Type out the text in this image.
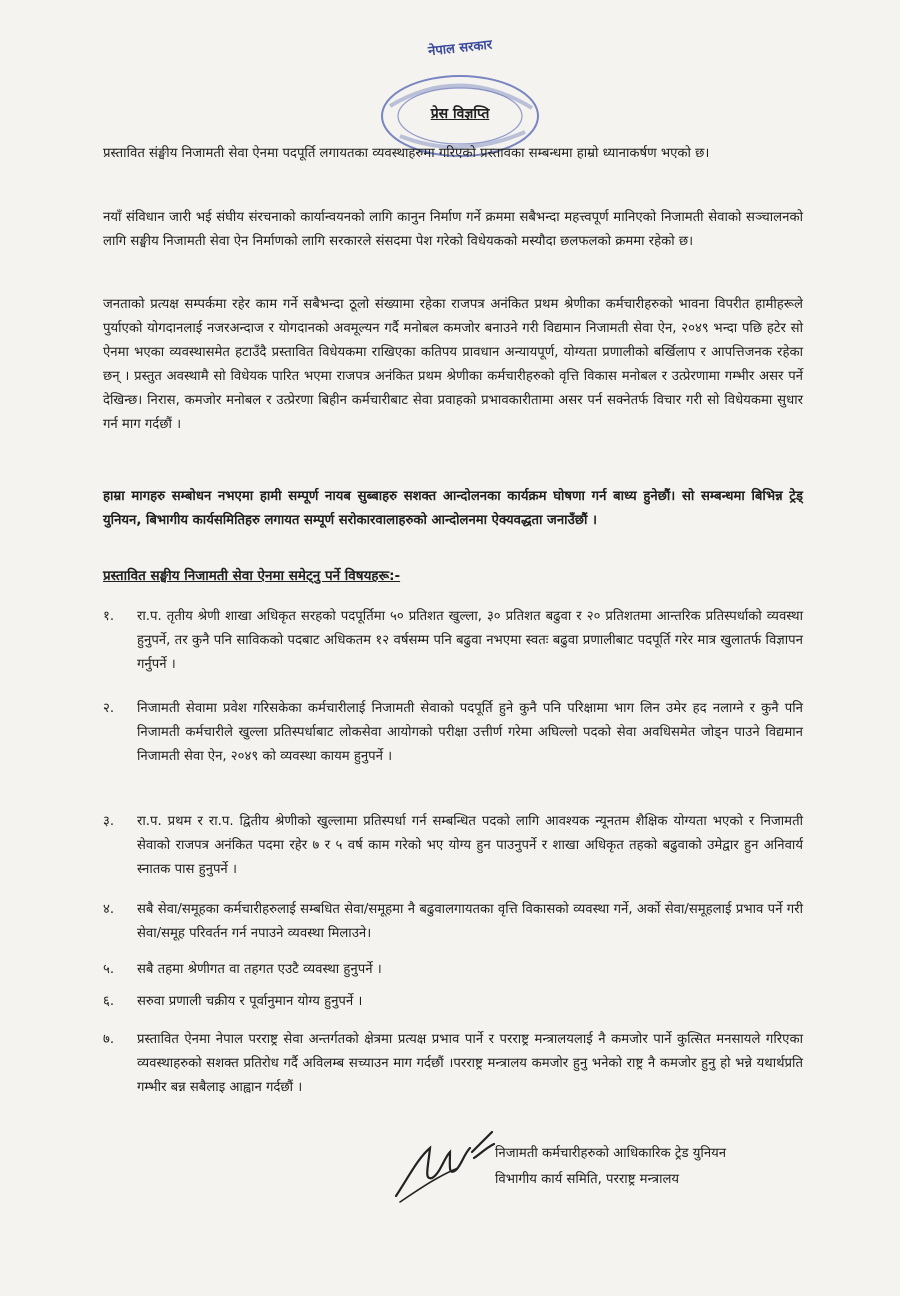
नेपाल सरकार
प्रेस विज्ञप्ति

प्रस्तावित संङ्घीय निजामती सेवा ऐनमा पदपूर्ति लगायतका व्यवस्थाहरुमा गरिएको प्रस्तावका सम्बन्धमा हाम्रो ध्यानाकर्षण भएको छ।

नयाँ संविधान जारी भई संघीय संरचनाको कार्यान्वयनको लागि कानुन निर्माण गर्ने क्रममा सबैभन्दा महत्त्वपूर्ण मानिएको निजामती सेवाको सञ्चालनको लागि सङ्घीय निजामती सेवा ऐन निर्माणको लागि सरकारले संसदमा पेश गरेको विधेयकको मस्यौदा छलफलको क्रममा रहेको छ।

जनताको प्रत्यक्ष सम्पर्कमा रहेर काम गर्ने सबैभन्दा ठूलो संख्यामा रहेका राजपत्र अनंकित प्रथम श्रेणीका कर्मचारीहरुको भावना विपरीत हामीहरूले पुर्याएको योगदानलाई नजरअन्दाज र योगदानको अवमूल्यन गर्दै मनोबल कमजोर बनाउने गरी विद्यमान निजामती सेवा ऐन, २०४९ भन्दा पछि हटेर सो ऐनमा भएका व्यवस्थासमेत हटाउँदै प्रस्तावित विधेयकमा राखिएका कतिपय प्रावधान अन्यायपूर्ण, योग्यता प्रणालीको बर्खिलाप र आपत्तिजनक रहेका छन् । प्रस्तुत अवस्थामै सो विधेयक पारित भएमा राजपत्र अनंकित प्रथम श्रेणीका कर्मचारीहरुको वृत्ति विकास मनोबल र उत्प्रेरणामा गम्भीर असर पर्ने देखिन्छ। निरास, कमजोर मनोबल र उत्प्रेरणा बिहीन कर्मचारीबाट सेवा प्रवाहको प्रभावकारीतामा असर पर्न सक्नेतर्फ विचार गरी सो विधेयकमा सुधार गर्न माग गर्दछौं ।

हाम्रा मागहरु सम्बोधन नभएमा हामी सम्पूर्ण नायब सुब्बाहरु सशक्त आन्दोलनका कार्यक्रम घोषणा गर्न बाध्य हुनेछौं। सो सम्बन्धमा बिभिन्न ट्रेड् युनियन, बिभागीय कार्यसमितिहरु लगायत सम्पूर्ण सरोकारवालाहरुको आन्दोलनमा ऐक्यवद्धता जनाउँछौं ।

प्रस्तावित सङ्घीय निजामती सेवा ऐनमा समेट्नु पर्ने विषयहरू:-
१.	रा.प. तृतीय श्रेणी शाखा अधिकृत सरहको पदपूर्तिमा ५० प्रतिशत खुल्ला, ३० प्रतिशत बढुवा र २० प्रतिशतमा आन्तरिक प्रतिस्पर्धाको व्यवस्था हुनुपर्ने, तर कुनै पनि साविकको पदबाट अधिकतम १२ वर्षसम्म पनि बढुवा नभएमा स्वतः बढुवा प्रणालीबाट पदपूर्ति गरेर मात्र खुलातर्फ विज्ञापन गर्नुपर्ने ।
२.	निजामती सेवामा प्रवेश गरिसकेका कर्मचारीलाई निजामती सेवाको पदपूर्ति हुने कुनै पनि परिक्षामा भाग लिन उमेर हद नलाग्ने र कुनै पनि निजामती कर्मचारीले खुल्ला प्रतिस्पर्धाबाट लोकसेवा आयोगको परीक्षा उत्तीर्ण गरेमा अघिल्लो पदको सेवा अवधिसमेत जोड्न पाउने विद्यमान निजामती सेवा ऐन, २०४९ को व्यवस्था कायम हुनुपर्ने ।
३.	रा.प. प्रथम र रा.प. द्वितीय श्रेणीको खुल्लामा प्रतिस्पर्धा गर्न सम्बन्धित पदको लागि आवश्यक न्यूनतम शैक्षिक योग्यता भएको र निजामती सेवाको राजपत्र अनंकित पदमा रहेर ७ र ५ वर्ष काम गरेको भए योग्य हुन पाउनुपर्ने र शाखा अधिकृत तहको बढुवाको उमेद्वार हुन अनिवार्य स्नातक पास हुनुपर्ने ।
४.	सबै सेवा/समूहका कर्मचारीहरुलाई सम्बधित सेवा/समूहमा नै बढुवालगायतका वृत्ति विकासको व्यवस्था गर्ने, अर्को सेवा/समूहलाई प्रभाव पर्ने गरी सेवा/समूह परिवर्तन गर्न नपाउने व्यवस्था मिलाउने।
५.	सबै तहमा श्रेणीगत वा तहगत एउटै व्यवस्था हुनुपर्ने ।
६.	सरुवा प्रणाली चक्रीय र पूर्वानुमान योग्य हुनुपर्ने ।
७.	प्रस्तावित ऐनमा नेपाल परराष्ट्र सेवा अन्तर्गतको क्षेत्रमा प्रत्यक्ष प्रभाव पार्ने र परराष्ट्र मन्त्रालयलाई नै कमजोर पार्ने कुत्सित मनसायले गरिएका व्यवस्थाहरुको सशक्त प्रतिरोध गर्दै अविलम्ब सच्याउन माग गर्दछौं ।परराष्ट्र मन्त्रालय कमजोर हुनु भनेको राष्ट्र नै कमजोर हुनु हो भन्ने यथार्थप्रति गम्भीर बन्न सबैलाइ आह्वान गर्दछौं ।
निजामती कर्मचारीहरुको आधिकारिक ट्रेड युनियन
विभागीय कार्य समिति, परराष्ट्र मन्त्रालय
